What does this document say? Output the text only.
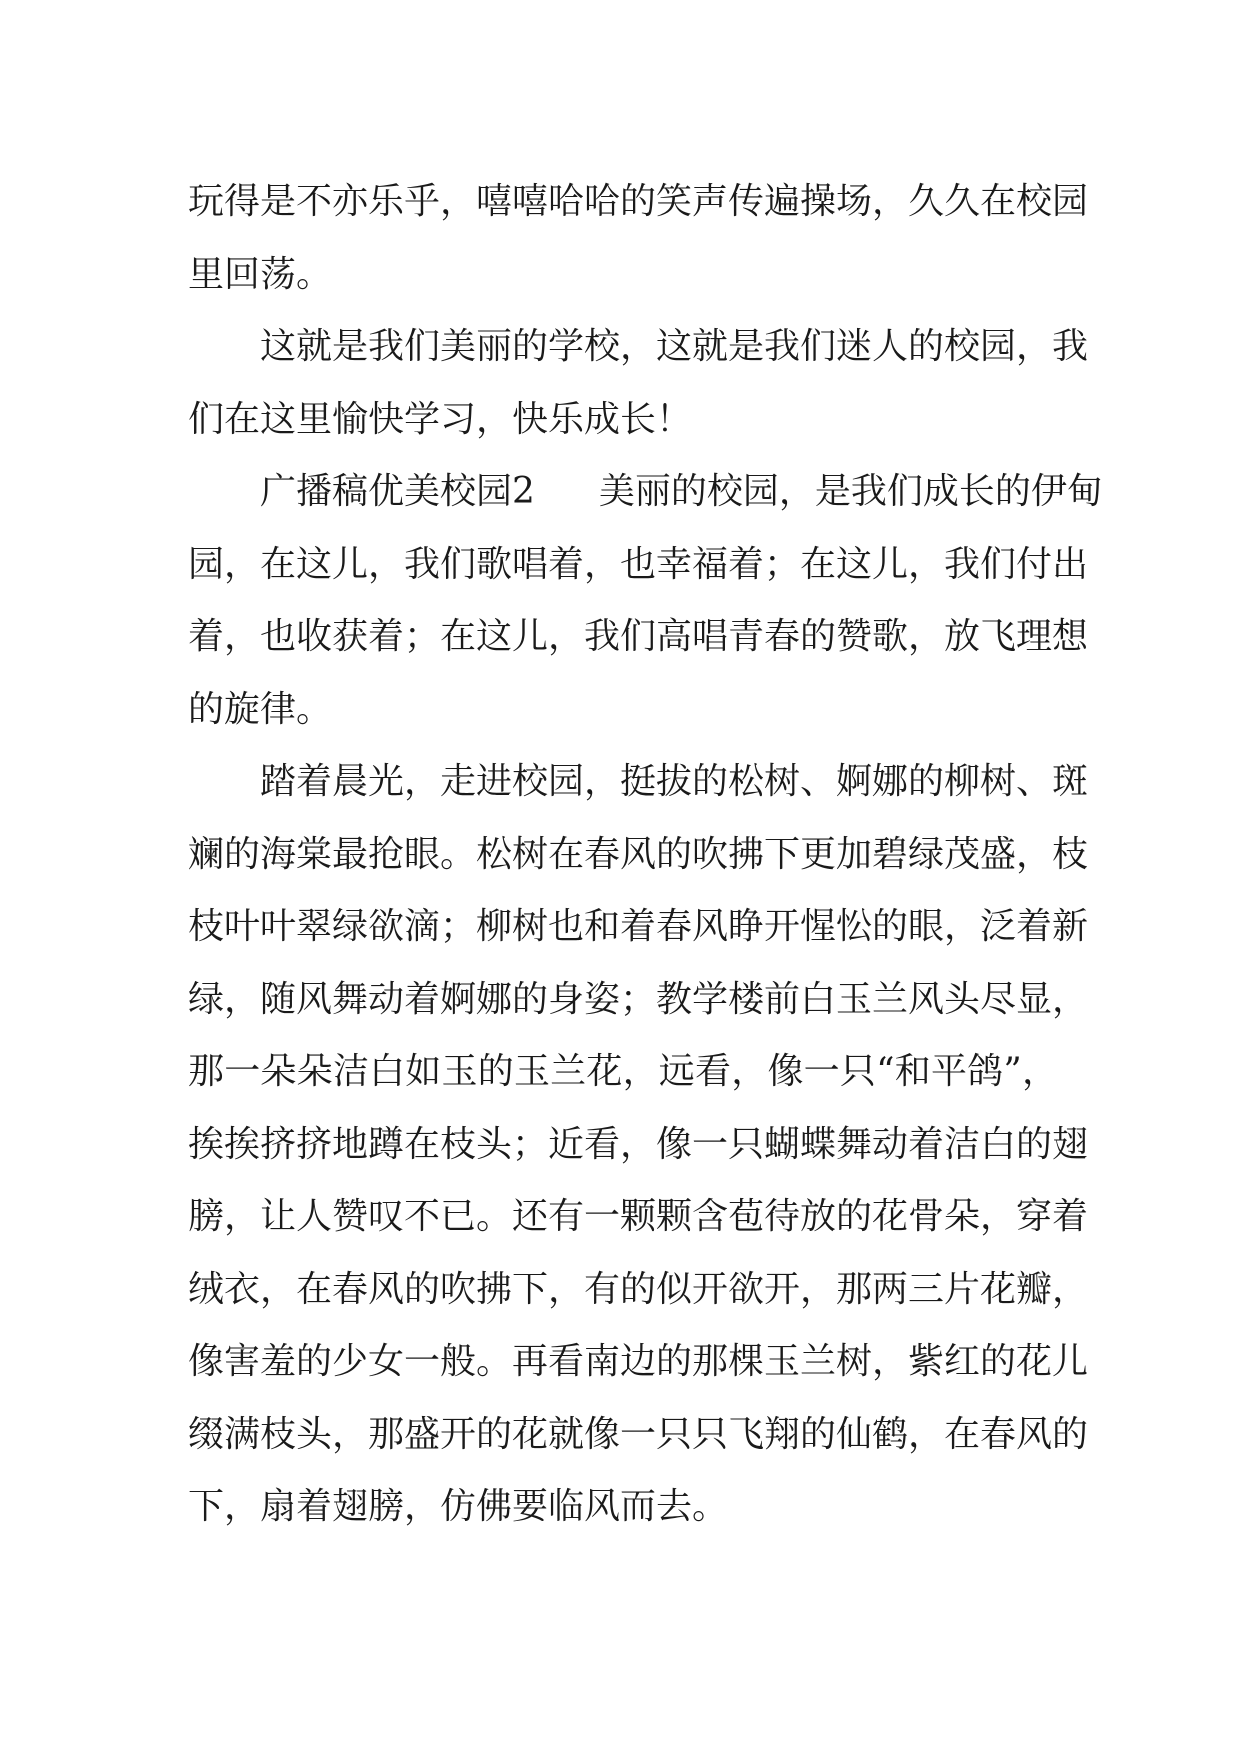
玩得是不亦乐乎，嘻嘻哈哈的笑声传遍操场，久久在校园
里回荡。
这就是我们美丽的学校，这就是我们迷人的校园，我
们在这里愉快学习，快乐成长！
广播稿优美校园2 美丽的校园，是我们成长的伊甸
园，在这儿，我们歌唱着，也幸福着；在这儿，我们付出
着，也收获着；在这儿，我们高唱青春的赞歌，放飞理想
的旋律。
踏着晨光，走进校园，挺拔的松树、婀娜的柳树、斑
斓的海棠最抢眼。松树在春风的吹拂下更加碧绿茂盛，枝
枝叶叶翠绿欲滴；柳树也和着春风睁开惺忪的眼，泛着新
绿，随风舞动着婀娜的身姿；教学楼前白玉兰风头尽显，
那一朵朵洁白如玉的玉兰花，远看，像一只“和平鸽”，
挨挨挤挤地蹲在枝头；近看，像一只蝴蝶舞动着洁白的翅
膀，让人赞叹不已。还有一颗颗含苞待放的花骨朵，穿着
绒衣，在春风的吹拂下，有的似开欲开，那两三片花瓣，
像害羞的少女一般。再看南边的那棵玉兰树，紫红的花儿
缀满枝头，那盛开的花就像一只只飞翔的仙鹤，在春风的
下，扇着翅膀，仿佛要临风而去。
